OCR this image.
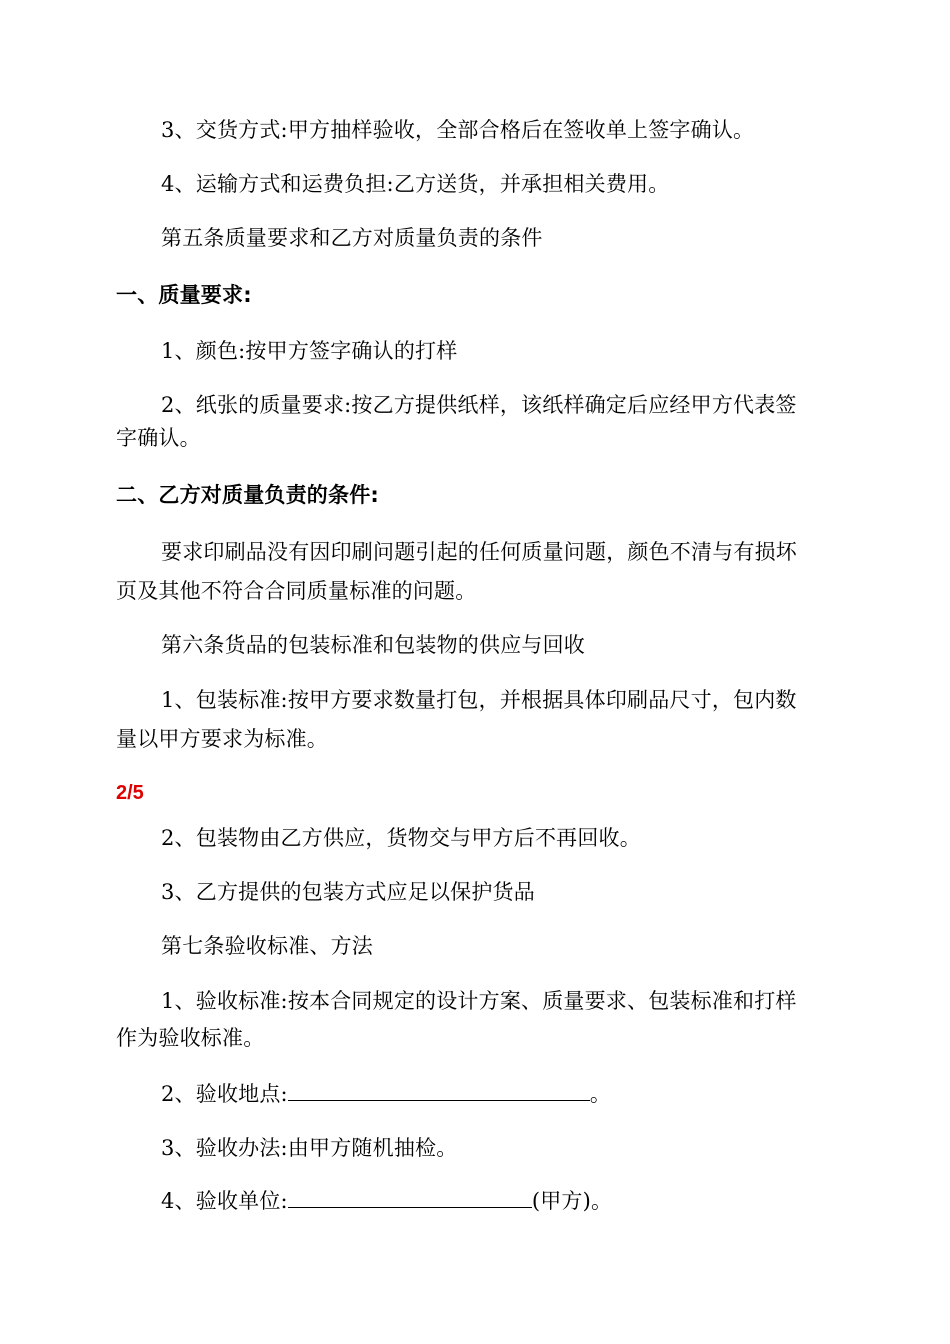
3、交货方式:甲方抽样验收，全部合格后在签收单上签字确认。

4、运输方式和运费负担:乙方送货，并承担相关费用。

第五条质量要求和乙方对质量负责的条件

一、质量要求:

1、颜色:按甲方签字确认的打样

2、纸张的质量要求:按乙方提供纸样，该纸样确定后应经甲方代表签

字确认。

二、乙方对质量负责的条件:

要求印刷品没有因印刷问题引起的任何质量问题，颜色不清与有损坏

页及其他不符合合同质量标准的问题。

第六条货品的包装标准和包装物的供应与回收

1、包装标准:按甲方要求数量打包，并根据具体印刷品尺寸，包内数

量以甲方要求为标准。

2/5

2、包装物由乙方供应，货物交与甲方后不再回收。

3、乙方提供的包装方式应足以保护货品

第七条验收标准、方法

1、验收标准:按本合同规定的设计方案、质量要求、包装标准和打样

作为验收标准。

2、验收地点:	。

3、验收办法:由甲方随机抽检。

4、验收单位:	(甲方)。
